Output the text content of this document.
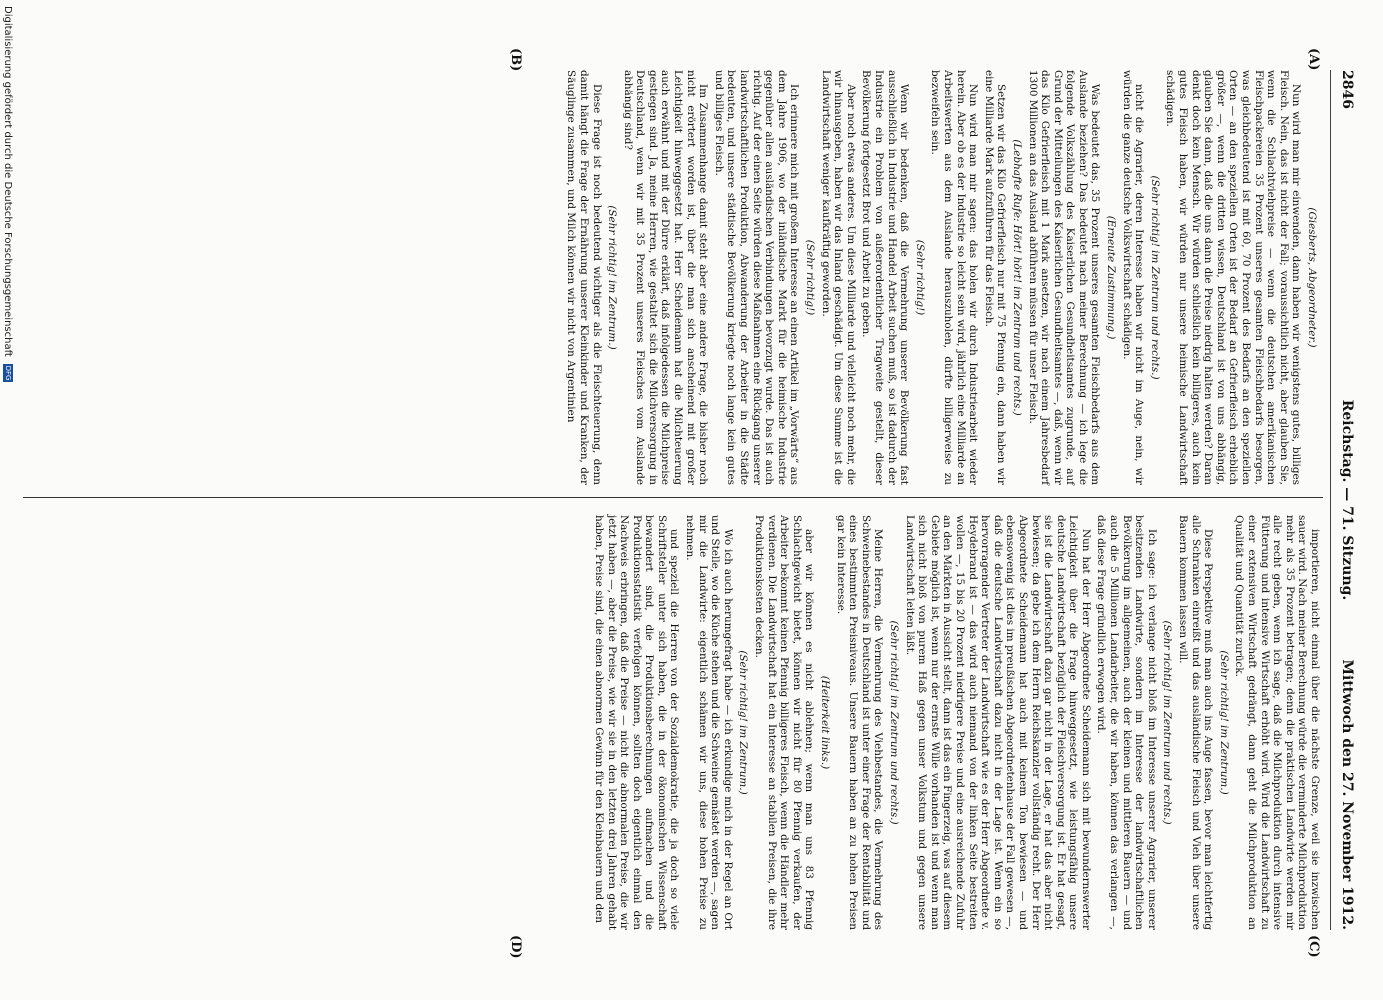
2846
Reichstag. — 71. Sitzung.
Mittwoch den 27. November 1912.
(A)
(B)
(C)
(D)

(Giesberts, Abgeordneter.)

Nun wird man mir einwenden, dann haben wir wenigstens gutes, billiges Fleisch. Nein, das ist nicht der Fall; voraussichtlich nicht, aber glauben Sie, wenn die Schlachtviehpreise — wenn die deutschen amerikanischen Fleischpackereien 35 Prozent unseres gesamten Fleischbedarfs besorgen, was gleichbedeutend ist mit 60, 70 Prozent des Bedarfs an den speziellen Orten — an den speziellen Orten ist der Bedarf an Gefrierfleisch erheblich größer —, wenn die dritten wissen, Deutschland ist von uns abhängig, glauben Sie dann, daß die uns dann die Preise niedrig halten werden? Daran denkt doch kein Mensch. Wir würden schließlich kein billigeres, auch kein gutes Fleisch haben, wir würden nur unsere heimische Landwirtschaft schädigen.

(Sehr richtig! im Zentrum und rechts.)

nicht die Agrarier, deren Interesse haben wir nicht im Auge, nein, wir würden die ganze deutsche Volkswirtschaft schädigen.

(Erneute Zustimmung.)

Was bedeutet das, 35 Prozent unseres gesamten Fleischbedarfs aus dem Auslande beziehen? Das bedeutet nach meiner Berechnung — ich lege die folgende Volkszählung des Kaiserlichen Gesundheitsamtes zugrunde, auf Grund der Mitteilungen des Kaiserlichen Gesundheitsamtes —, daß, wenn wir das Kilo Gefrierfleisch mit 1 Mark ansetzen, wir nach einem Jahresbedarf 1300 Millionen an das Ausland abführen müssen für unser Fleisch.

(Lebhafte Rufe: Hört! hört! im Zentrum und rechts.)

Setzen wir das Kilo Gefrierfleisch nur mit 75 Pfennig ein, dann haben wir eine Milliarde Mark aufzuführen für das Fleisch.

Nun wird man mir sagen: das holen wir durch Industriearbeit wieder herein. Aber ob es der Industrie so leicht sein wird, jährlich eine Milliarde an Arbeitswerten aus dem Auslande herauszuholen, dürfte billigerweise zu bezweifeln sein.

(Sehr richtig!)

Wenn wir bedenken, daß die Vermehrung unserer Bevölkerung fast ausschließlich in Industrie und Handel Arbeit suchen muß, so ist dadurch der Industrie ein Problem von außerordentlicher Tragweite gestellt, dieser Bevölkerung fortgesetzt Brot und Arbeit zu geben.

Aber noch etwas anderes. Um diese Milliarde und vielleicht noch mehr, die wir hinausgeben, haben wir das Inland geschädigt. Um diese Summe ist die Landwirtschaft weniger kaufkräftig geworden.

(Sehr richtig!)

Ich erinnere mich mit großem Interesse an einen Artikel im „Vorwärts“ aus dem Jahre 1906, wo der inländische Markt für die heimische Industrie gegenüber allen ausländischen Verbindungen bevorzugt wurde. Das ist auch richtig. Auf der einen Seite würden diese Maßnahmen eine Rückgang unserer landwirtschaftlichen Produktion, Abwanderung der Arbeiter in die Städte bedeuten, und unsere städtische Bevölkerung kriegte noch lange kein gutes und billiges Fleisch.

Im Zusammenhange damit steht aber eine andere Frage, die bisher noch nicht erörtert worden ist, über die man sich anscheinend mit großer Leichtigkeit hinweggesetzt hat. Herr Scheidemann hat die Milchteuerung auch erwähnt und mit der Dürre erklärt, daß infolgedessen die Milchpreise gestiegen sind. Ja, meine Herren, wie gestaltet sich die Milchversorgung in Deutschland, wenn wir mit 35 Prozent unseres Fleisches vom Auslande abhängig sind?

(Sehr richtig! im Zentrum.)

Diese Frage ist noch bedeutend wichtiger als die Fleischteuerung, denn damit hängt die Frage der Ernährung unserer Kleinkinder und Kranken, der Säuglinge zusammen, und Milch können wir nicht von Argentinien

importieren, nicht einmal über die nächste Grenze, weil sie inzwischen sauer wird. Nach meiner Berechnung würde die verminderte Milchproduktion mehr als 35 Prozent betragen; denn die praktischen Landwirte werden mir alle recht geben, wenn ich sage, daß die Milchproduktion durch intensive Fütterung und intensive Wirtschaft erhöht wird. Wird die Landwirtschaft zu einer extensiven Wirtschaft gedrängt, dann geht die Milchproduktion an Qualität und Quantität zurück.

(Sehr richtig! im Zentrum.)

Diese Perspektive muß man auch ins Auge fassen, bevor man leichtfertig alle Schranken einreißt und das ausländische Fleisch und Vieh über unsere Bauern kommen lassen will.

(Sehr richtig! im Zentrum und rechts.)

Ich sage: ich verlange nicht bloß im Interesse unserer Agrarier, unserer besitzenden Landwirte, sondern im Interesse der landwirtschaftlichen Bevölkerung im allgemeinen, auch der kleinen und mittleren Bauern — und auch die 5 Millionen Landarbeiter, die wir haben, können das verlangen —, daß diese Frage gründlich erwogen wird.

Nun hat der Herr Abgeordnete Scheidemann sich mit bewundernswerter Leichtigkeit über die Frage hinweggesetzt, wie leistungsfähig unsere deutsche Landwirtschaft bezüglich der Fleischversorgung ist. Er hat gesagt, sie ist die Landwirtschaft dazu gar nicht in der Lage, er hat das aber nicht bewiesen; da gebe ich dem Herrn Reichskanzler vollständig recht. Der Herr Abgeordnete Scheidemann hat auch mit keinem Ton bewiesen — und ebensowenig ist dies im preußischen Abgeordnetenhause der Fall gewesen —, daß die deutsche Landwirtschaft dazu nicht in der Lage ist. Wenn ein so hervorragender Vertreter der Landwirtschaft wie es der Herr Abgeordnete v. Heydebrand ist — das wird auch niemand von der linken Seite bestreiten wollen —, 15 bis 20 Prozent niedrigere Preise und eine ausreichende Zufuhr an den Märkten in Aussicht stellt, dann ist das ein Fingerzeig, was auf diesem Gebiete möglich ist, wenn nur der ernste Wille vorhanden ist und wenn man sich nicht bloß von purem Haß gegen unser Volkstum und gegen unsere Landwirtschaft leiten läßt.

(Sehr richtig! im Zentrum und rechts.)

Meine Herren, die Vermehrung des Viehbestandes, die Vermehrung des Schweinebestandes in Deutschland ist unter einer Frage der Rentabilität und eines bestimmten Preisniveaus. Unsere Bauern haben an zu hohen Preisen gar kein Interesse.

(Heiterkeit links.)

aber wir können es nicht ablehnen; wenn man uns 83 Pfennig Schlachtgewicht bietet, können wir nicht für 80 Pfennig verkaufen, der Arbeiter bekommt keinen Pfennig billigeres Fleisch, wenn die Händler mehr verdienen. Die Landwirtschaft hat ein Interesse an stabilen Preisen, die ihre Produktionskosten decken.

(Sehr richtig! im Zentrum.)

Wo ich auch herumgefragt habe — ich erkundige mich in der Regel an Ort und Stelle, wo die Küche stehen und die Schweine gemästet werden —, sagen mir die Landwirte: eigentlich schämen wir uns, diese hohen Preise zu nehmen.

und speziell die Herren von der Sozialdemokratie, die ja doch so viele Schriftsteller unter sich haben, die in der ökonomischen Wissenschaft bewandert sind, die Produktionsberechnungen aufmachen und die Produktionsstatistik verfolgen können, sollten doch eigentlich einmal den Nachweis erbringen, daß die Preise — nicht die abnormalen Preise, die wir jetzt haben —, aber die Preise, wie wir sie in den letzten drei Jahren gehabt haben, Preise sind, die einen abnormen Gewinn für den Kleinbauern und den

Digitalisierung gefördert durch die Deutsche Forschungsgemeinschaft DFG
